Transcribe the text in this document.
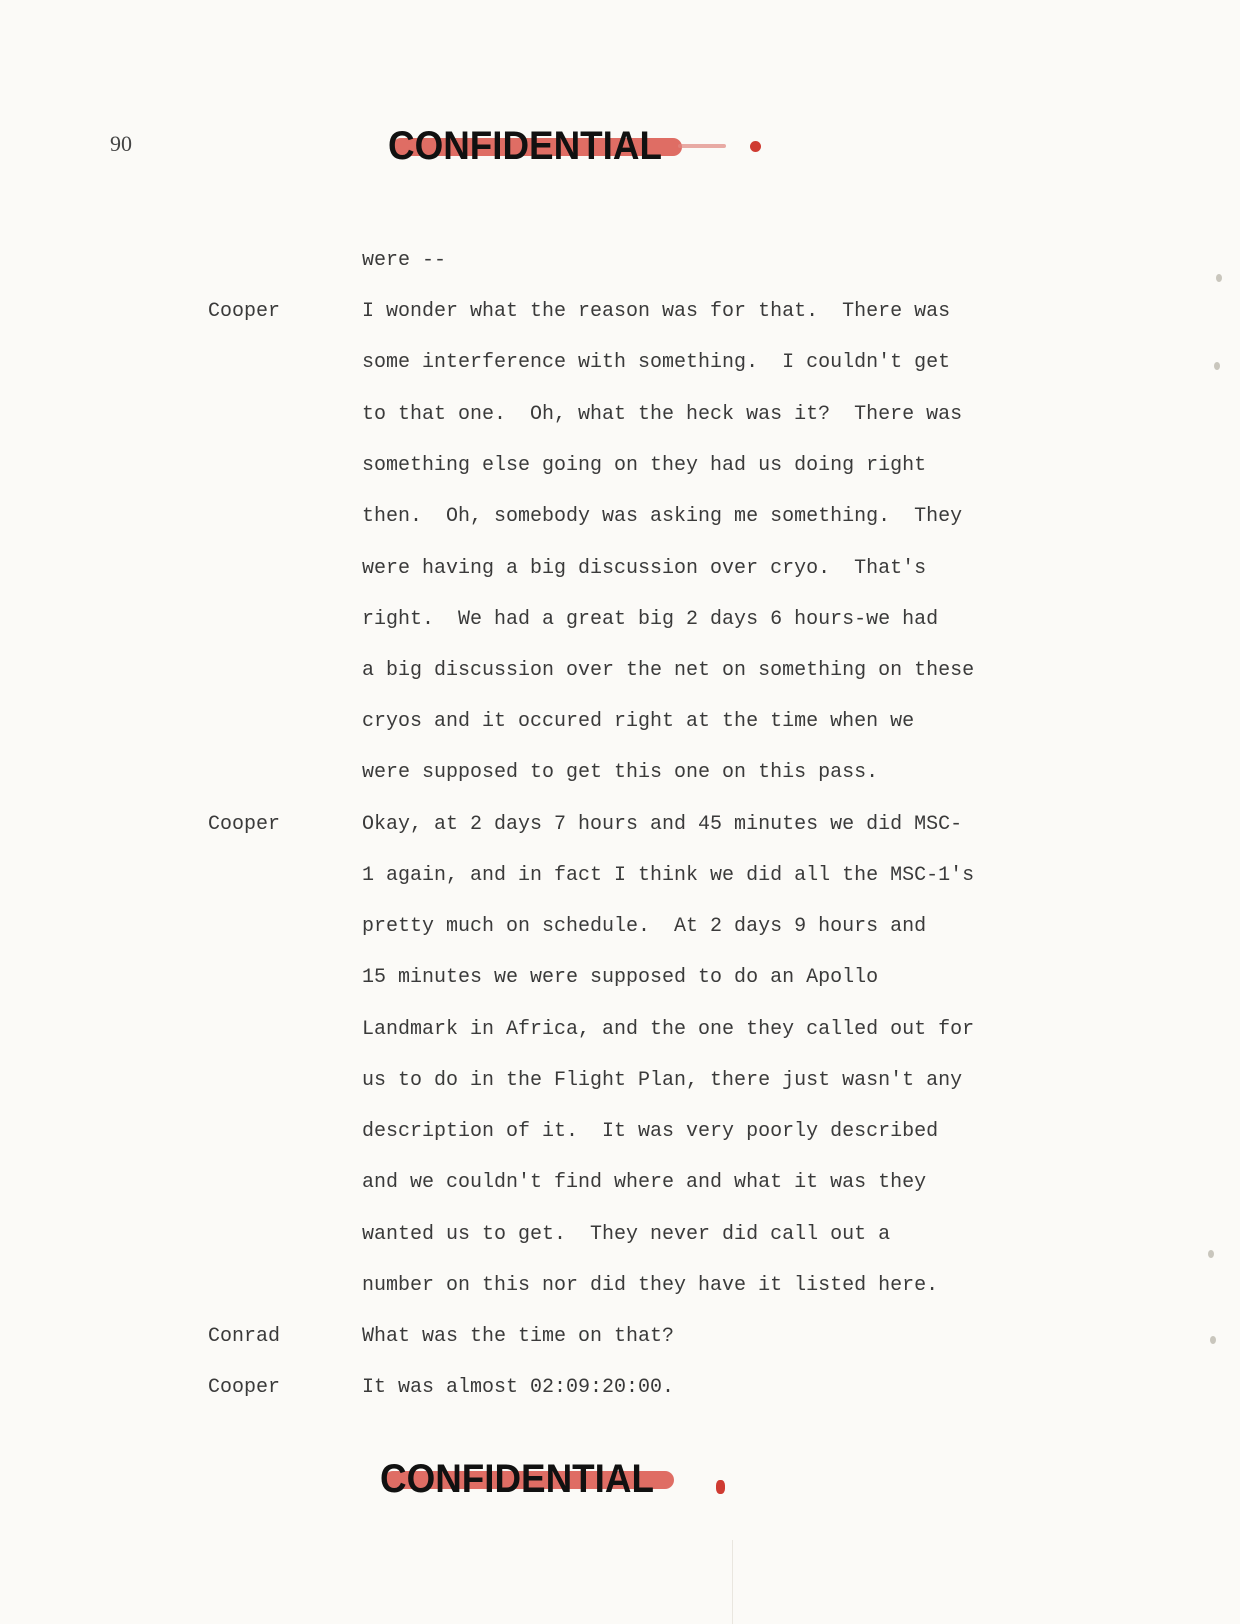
90	CONFIDENTIAL

were --

Cooper

	I wonder what the reason was for that.  There was

some interference with something.  I couldn't get

to that one.  Oh, what the heck was it?  There was

something else going on they had us doing right

then.  Oh, somebody was asking me something.  They

were having a big discussion over cryo.  That's

right.  We had a great big 2 days 6 hours-we had

a big discussion over the net on something on these

cryos and it occured right at the time when we

were supposed to get this one on this pass.

Cooper

	Okay, at 2 days 7 hours and 45 minutes we did MSC-

1 again, and in fact I think we did all the MSC-1's

pretty much on schedule.  At 2 days 9 hours and

15 minutes we were supposed to do an Apollo

Landmark in Africa, and the one they called out for

us to do in the Flight Plan, there just wasn't any

description of it.  It was very poorly described

and we couldn't find where and what it was they

wanted us to get.  They never did call out a

number on this nor did they have it listed here.

Conrad

	What was the time on that?

Cooper

	It was almost 02:09:20:00.

CONFIDENTIAL
